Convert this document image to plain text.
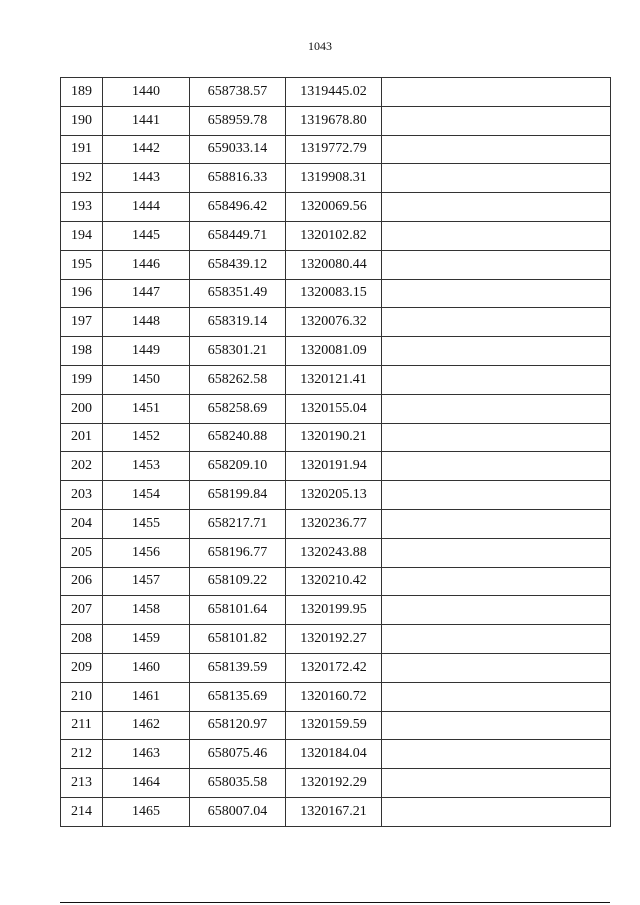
1043
189	1440	658738.57	1319445.02	
190	1441	658959.78	1319678.80	
191	1442	659033.14	1319772.79	
192	1443	658816.33	1319908.31	
193	1444	658496.42	1320069.56	
194	1445	658449.71	1320102.82	
195	1446	658439.12	1320080.44	
196	1447	658351.49	1320083.15	
197	1448	658319.14	1320076.32	
198	1449	658301.21	1320081.09	
199	1450	658262.58	1320121.41	
200	1451	658258.69	1320155.04	
201	1452	658240.88	1320190.21	
202	1453	658209.10	1320191.94	
203	1454	658199.84	1320205.13	
204	1455	658217.71	1320236.77	
205	1456	658196.77	1320243.88	
206	1457	658109.22	1320210.42	
207	1458	658101.64	1320199.95	
208	1459	658101.82	1320192.27	
209	1460	658139.59	1320172.42	
210	1461	658135.69	1320160.72	
211	1462	658120.97	1320159.59	
212	1463	658075.46	1320184.04	
213	1464	658035.58	1320192.29	
214	1465	658007.04	1320167.21	
